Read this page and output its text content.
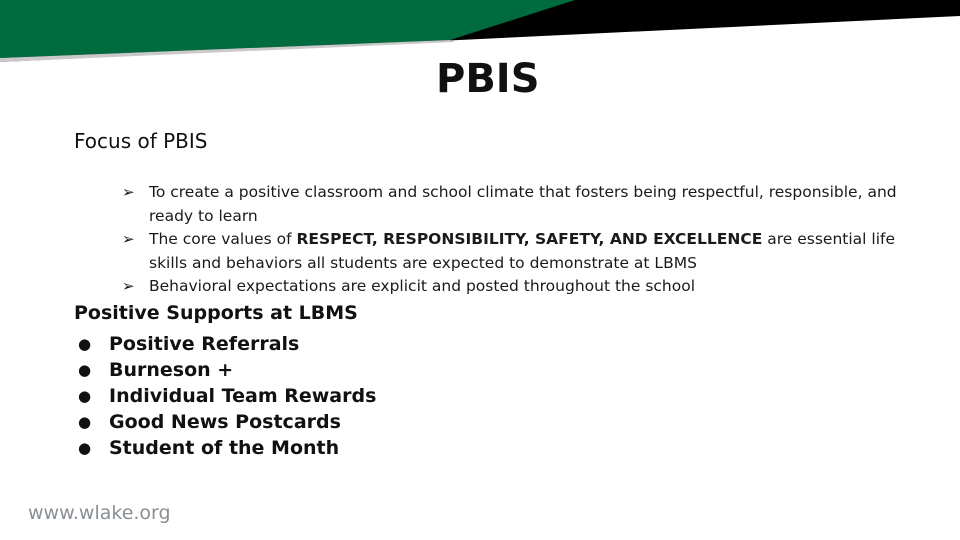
PBIS
Focus of PBIS
➢ To create a positive classroom and school climate that fosters being respectful, responsible, and ready to learn
➢ The core values of RESPECT, RESPONSIBILITY, SAFETY, AND EXCELLENCE are essential life skills and behaviors all students are expected to demonstrate at LBMS
➢ Behavioral expectations are explicit and posted throughout the school
Positive Supports at LBMS
● Positive Referrals
● Burneson +
● Individual Team Rewards
● Good News Postcards
● Student of the Month
www.wlake.org
